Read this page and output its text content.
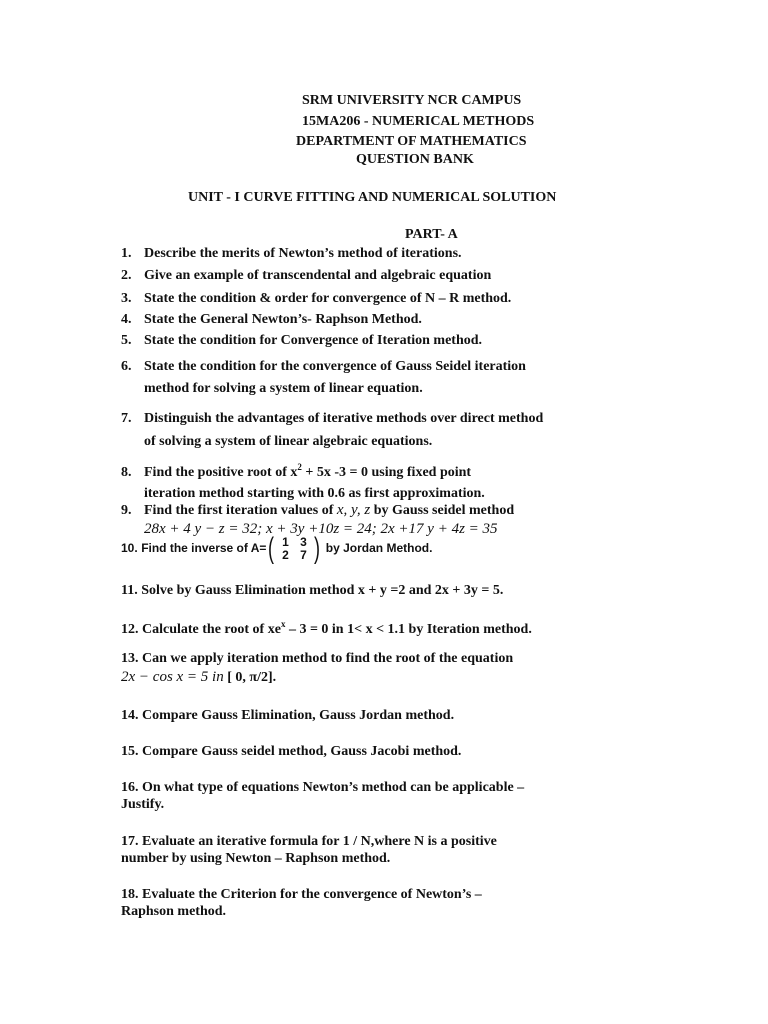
SRM UNIVERSITY NCR CAMPUS
15MA206 - NUMERICAL METHODS
DEPARTMENT OF MATHEMATICS
QUESTION BANK
UNIT - I CURVE FITTING AND NUMERICAL SOLUTION
PART- A
1. Describe the merits of Newton’s method of iterations.
2. Give an example of transcendental and algebraic equation
3. State the condition & order for convergence of N – R method.
4. State the General Newton’s- Raphson Method.
5. State the condition for Convergence of Iteration method.
6. State the condition for the convergence of Gauss Seidel iteration
method for solving a system of linear equation.
7. Distinguish the advantages of iterative methods over direct method
of solving a system of linear algebraic equations.
8. Find the positive root of $x^2 + 5x$ -3 = 0 using fixed point
iteration method starting with 0.6 as first approximation.
9. Find the first iteration values of x, y, z by Gauss seidel method
28x + 4 y − z = 32; x + 3y +10z = 24; 2x +17 y + 4z = 35
10. Find the inverse of A= ( 1 3
2 7 ) by Jordan Method.
11. Solve by Gauss Elimination method x + y =2 and 2x + 3y = 5.
12. Calculate the root of $xe^x - 3 = 0$ in 1< x < 1.1 by Iteration method.
13. Can we apply iteration method to find the root of the equation
2x − cos x = 5 in [ 0, π/2].
14. Compare Gauss Elimination, Gauss Jordan method.
15. Compare Gauss seidel method, Gauss Jacobi method.
16. On what type of equations Newton’s method can be applicable –
Justify.
17. Evaluate an iterative formula for 1 / N,where N is a positive
number by using Newton – Raphson method.
18. Evaluate the Criterion for the convergence of Newton’s –
Raphson method.
